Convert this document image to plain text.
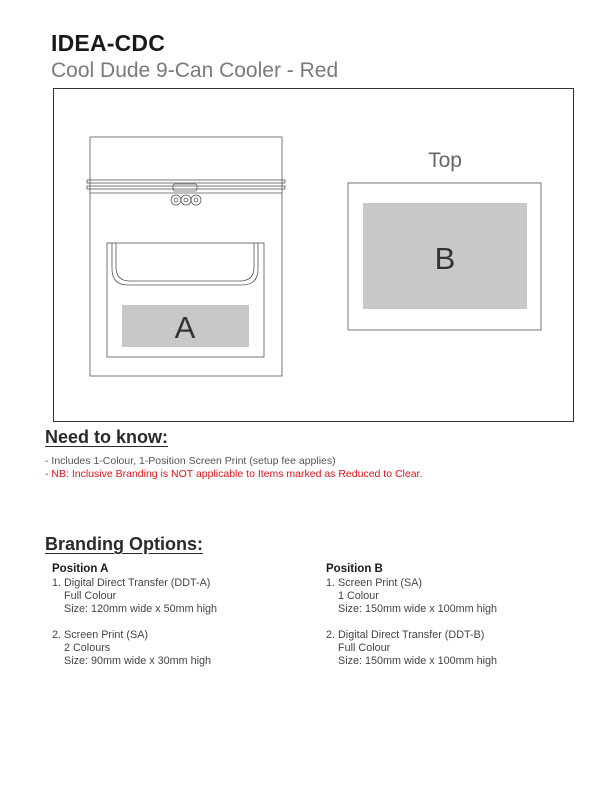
IDEA-CDC
Cool Dude 9-Can Cooler - Red
A
Top
B
Need to know:
- Includes 1-Colour, 1-Position Screen Print (setup fee applies)
- NB: Inclusive Branding is NOT applicable to Items marked as Reduced to Clear.
Branding Options:
Position A
1. Digital Direct Transfer (DDT-A)
Full Colour
Size: 120mm wide x 50mm high
2. Screen Print (SA)
2 Colours
Size: 90mm wide x 30mm high
Position B
1. Screen Print (SA)
1 Colour
Size: 150mm wide x 100mm high
2. Digital Direct Transfer (DDT-B)
Full Colour
Size: 150mm wide x 100mm high
